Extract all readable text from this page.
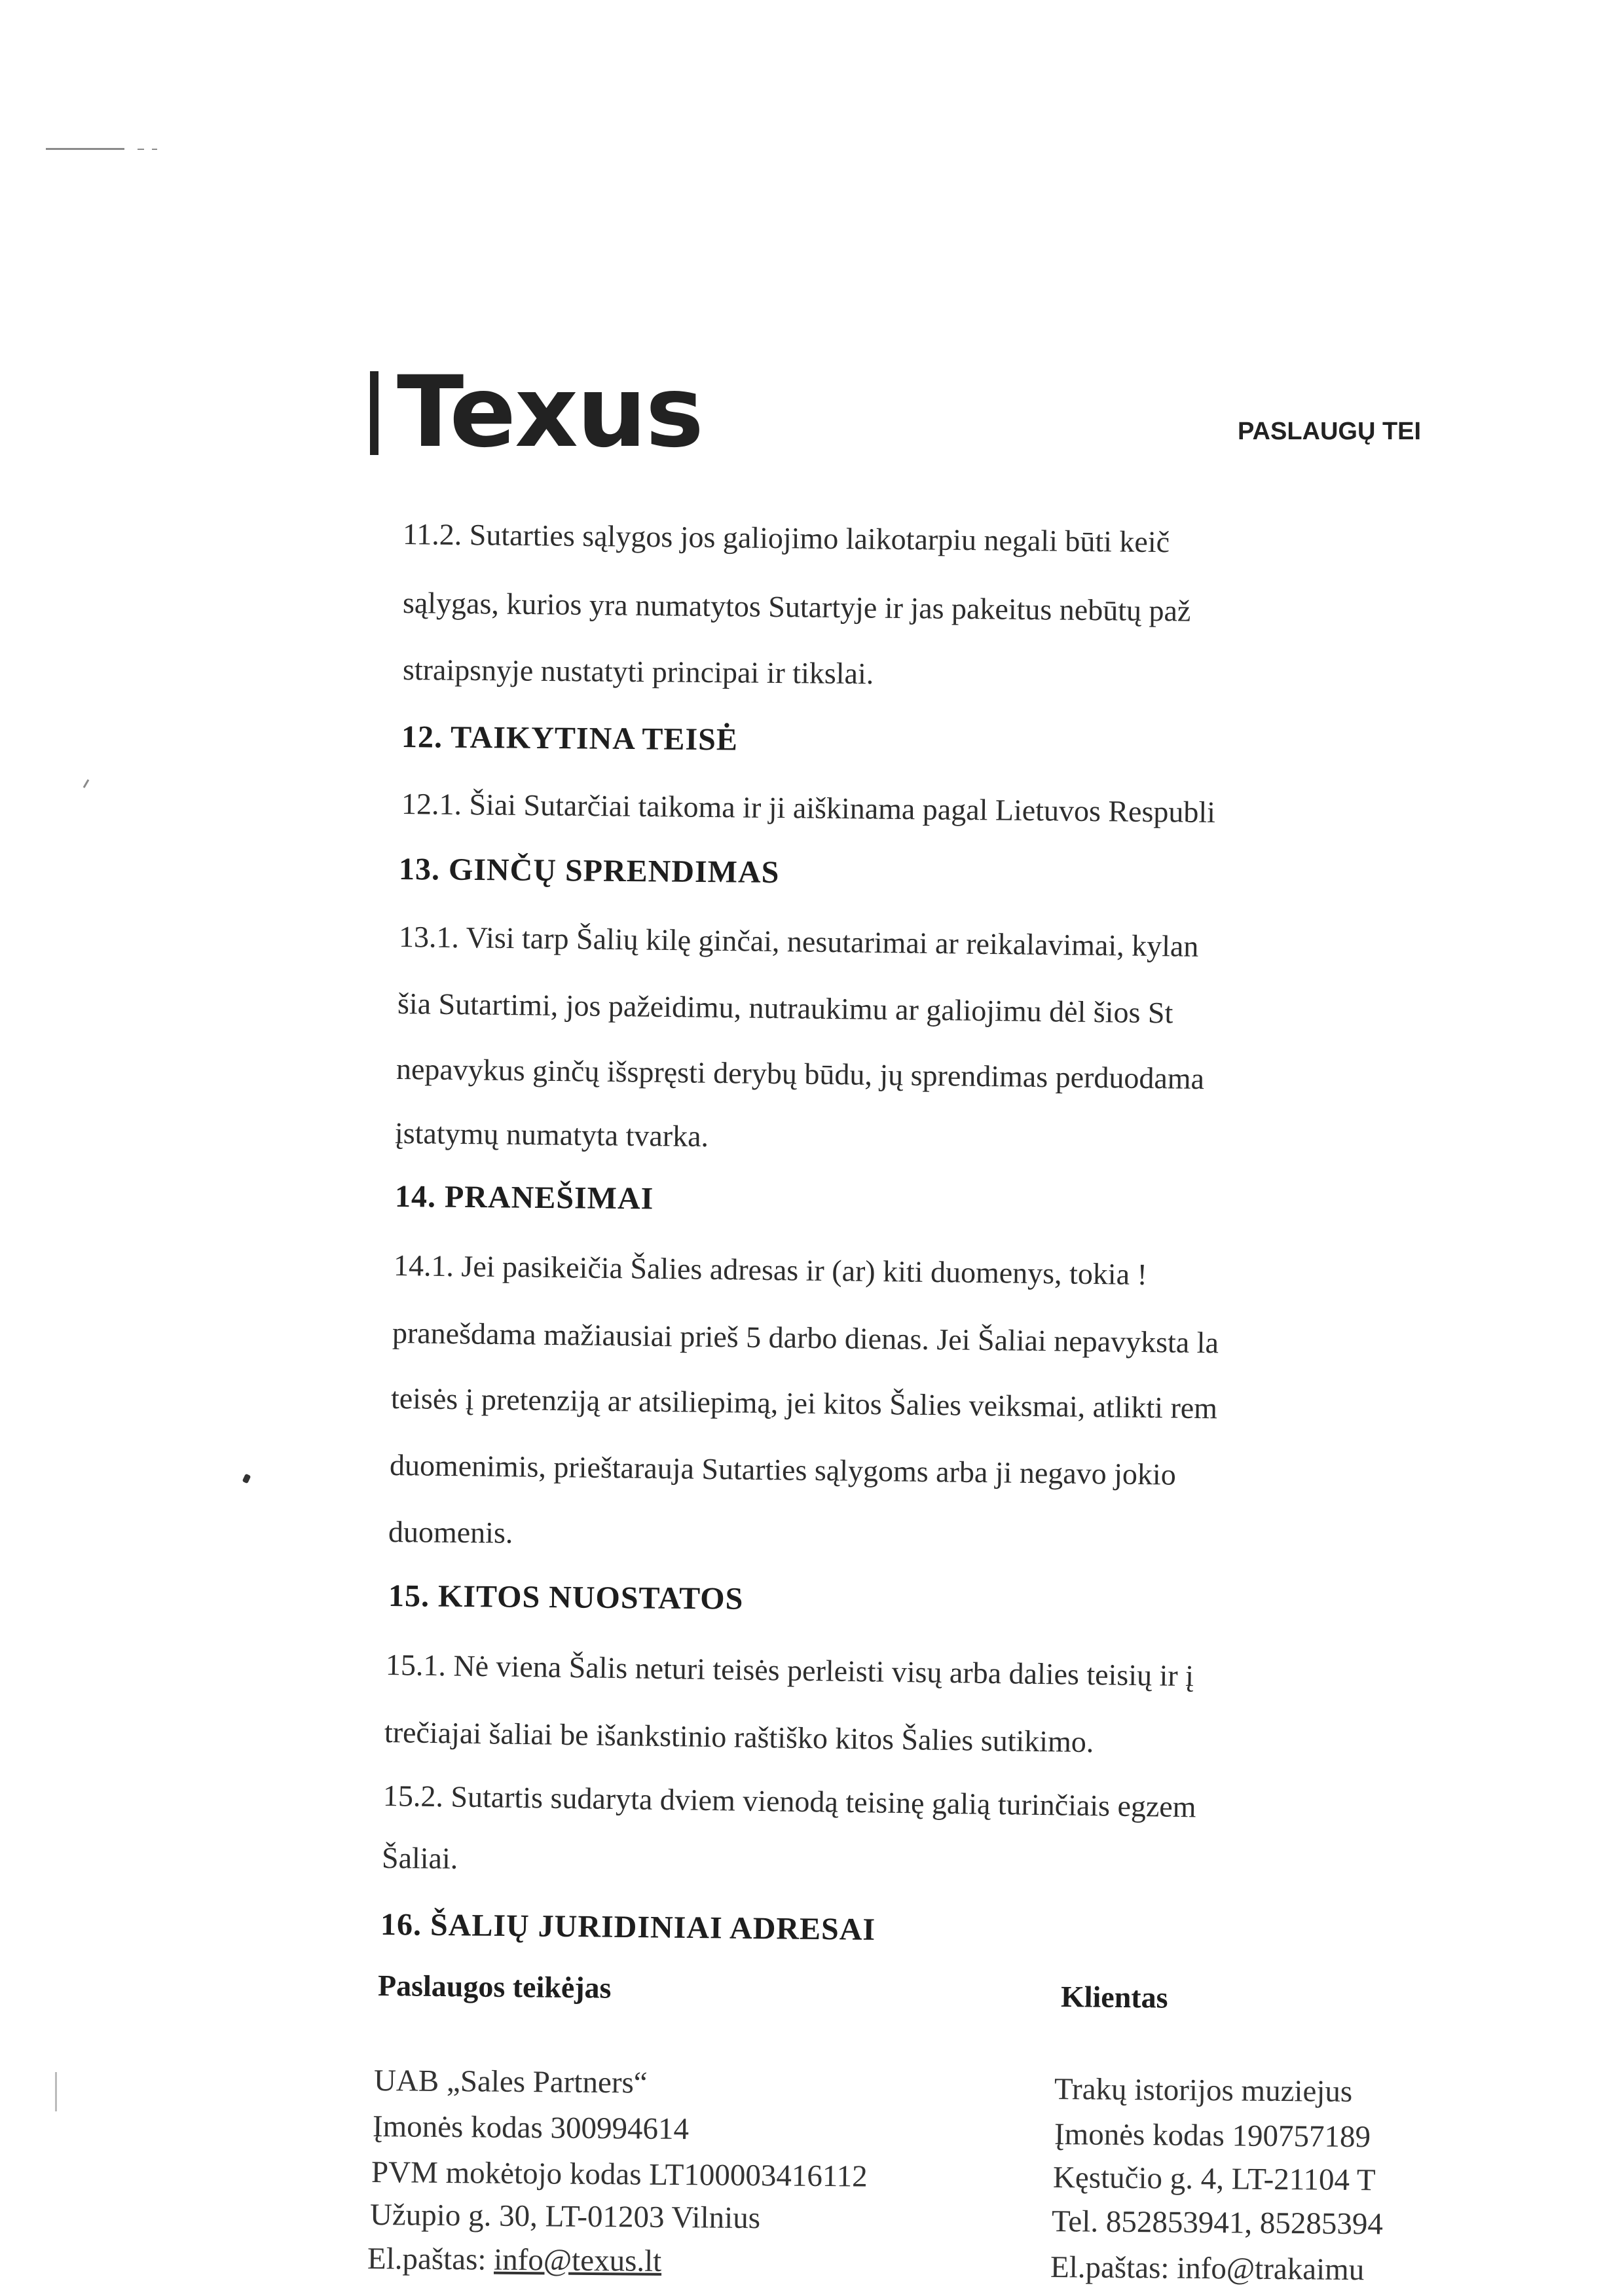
Texus	PASLAUGŲ TEI
11.2. Sutarties sąlygos jos galiojimo laikotarpiu negali būti keič
sąlygas, kurios yra numatytos Sutartyje ir jas pakeitus nebūtų paž
straipsnyje nustatyti principai ir tikslai.
12. TAIKYTINA TEISĖ
12.1. Šiai Sutarčiai taikoma ir ji aiškinama pagal Lietuvos Respubli
13. GINČŲ SPRENDIMAS
13.1. Visi tarp Šalių kilę ginčai, nesutarimai ar reikalavimai, kylan
šia Sutartimi, jos pažeidimu, nutraukimu ar galiojimu dėl šios St
nepavykus ginčų išspręsti derybų būdu, jų sprendimas perduodama
įstatymų numatyta tvarka.
14. PRANEŠIMAI
14.1. Jei pasikeičia Šalies adresas ir (ar) kiti duomenys, tokia !
pranešdama mažiausiai prieš 5 darbo dienas. Jei Šaliai nepavyksta la
teisės į pretenziją ar atsiliepimą, jei kitos Šalies veiksmai, atlikti rem
duomenimis, prieštarauja Sutarties sąlygoms arba ji negavo jokio
duomenis.
15. KITOS NUOSTATOS
15.1. Nė viena Šalis neturi teisės perleisti visų arba dalies teisių ir į
trečiajai šaliai be išankstinio raštiško kitos Šalies sutikimo.
15.2. Sutartis sudaryta dviem vienodą teisinę galią turinčiais egzem
Šaliai.
16. ŠALIŲ JURIDINIAI ADRESAI
Paslaugos teikėjas
UAB „Sales Partners“
Įmonės kodas 300994614
PVM mokėtojo kodas LT100003416112
Užupio g. 30, LT-01203 Vilnius
El.paštas: info@texus.lt
Klientas
Trakų istorijos muziejus
Įmonės kodas 190757189
Kęstučio g. 4, LT-21104 T
Tel. 852853941, 85285394
El.paštas: info@trakaimu
